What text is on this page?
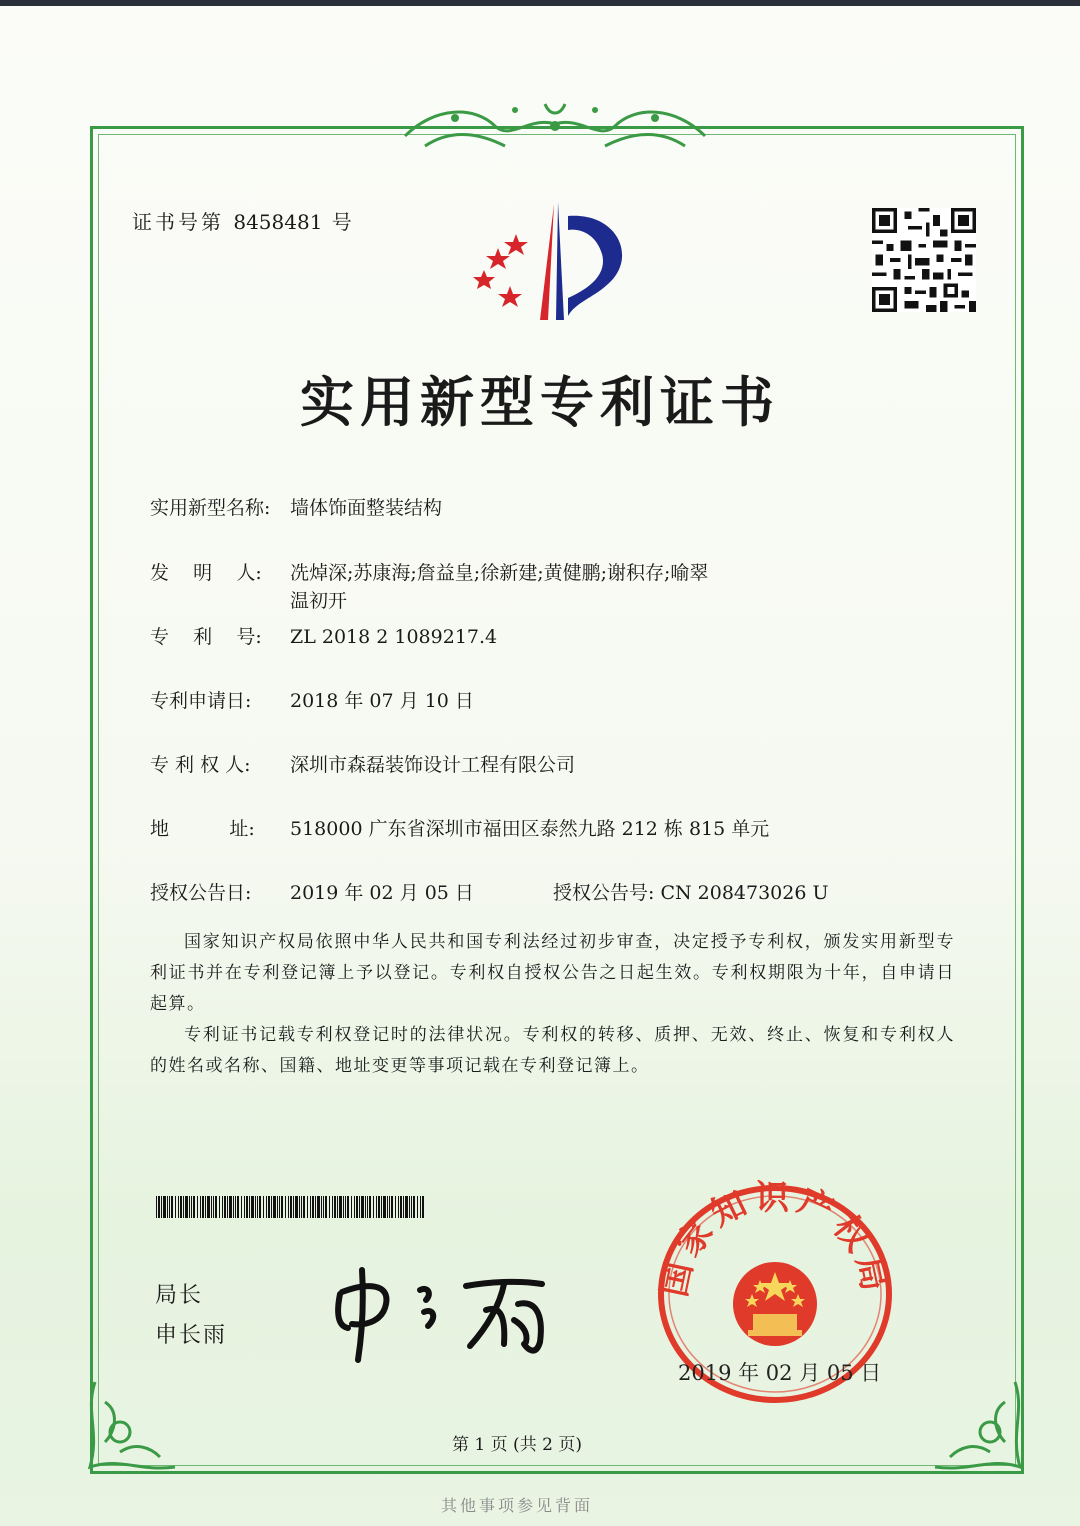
证书号第 8458481 号
实用新型专利证书
实用新型名称: 墙体饰面整装结构
发    明    人: 冼焯深;苏康海;詹益皇;徐新建;黄健鹏;谢积存;喻翠
温初开
专    利    号: ZL 2018 2 1089217.4
专利申请日: 2018 年 07 月 10 日
专 利 权 人: 深圳市森磊装饰设计工程有限公司
地          址: 518000 广东省深圳市福田区泰然九路 212 栋 815 单元
授权公告日: 2019 年 02 月 05 日	授权公告号: CN 208473026 U

国家知识产权局依照中华人民共和国专利法经过初步审查，决定授予专利权，颁发实用新型专利证书并在专利登记簿上予以登记。专利权自授权公告之日起生效。专利权期限为十年，自申请日起算。

专利证书记载专利权登记时的法律状况。专利权的转移、质押、无效、终止、恢复和专利权人的姓名或名称、国籍、地址变更等事项记载在专利登记簿上。

局长
申长雨
国家知识产权局
2019 年 02 月 05 日
第 1 页 (共 2 页)
其他事项参见背面
